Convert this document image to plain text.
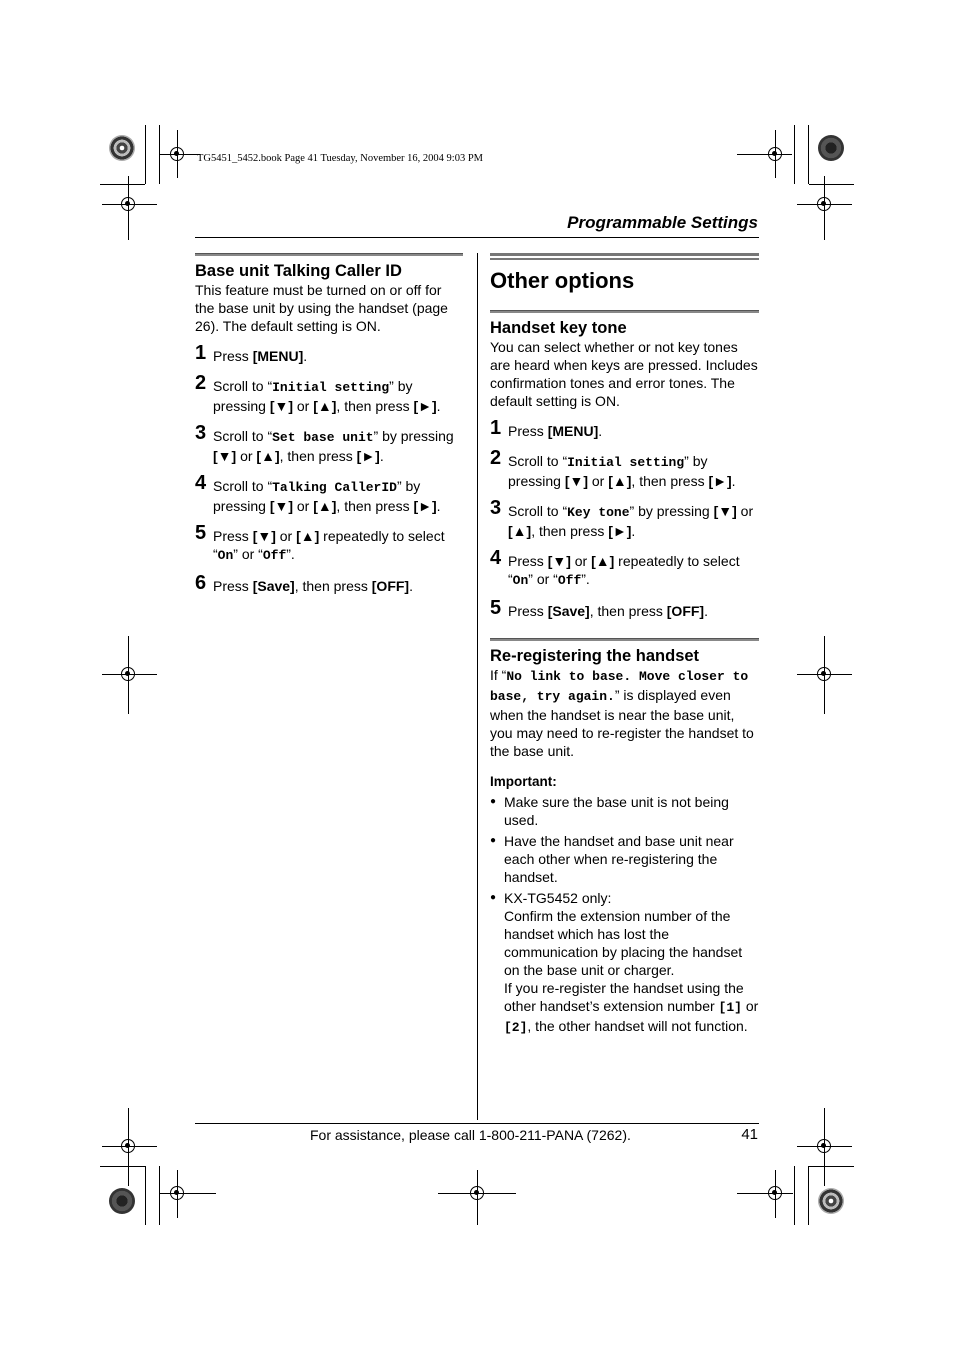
TG5451_5452.book Page 41 Tuesday, November 16, 2004 9:03 PM
Programmable Settings
Base unit Talking Caller ID
This feature must be turned on or off for the base unit by using the handset (page 26). The default setting is ON.
1 Press [MENU].
2 Scroll to “Initial setting” by pressing [▼] or [▲], then press [►].
3 Scroll to “Set base unit” by pressing [▼] or [▲], then press [►].
4 Scroll to “Talking CallerID” by pressing [▼] or [▲], then press [►].
5 Press [▼] or [▲] repeatedly to select “On” or “Off”.
6 Press [Save], then press [OFF].
Other options
Handset key tone
You can select whether or not key tones are heard when keys are pressed. Includes confirmation tones and error tones. The default setting is ON.
1 Press [MENU].
2 Scroll to “Initial setting” by pressing [▼] or [▲], then press [►].
3 Scroll to “Key tone” by pressing [▼] or [▲], then press [►].
4 Press [▼] or [▲] repeatedly to select “On” or “Off”.
5 Press [Save], then press [OFF].
Re-registering the handset
If “No link to base. Move closer to base, try again.” is displayed even when the handset is near the base unit, you may need to re-register the handset to the base unit.
Important:
● Make sure the base unit is not being used.
● Have the handset and base unit near each other when re-registering the handset.
● KX-TG5452 only:
Confirm the extension number of the handset which has lost the communication by placing the handset on the base unit or charger.
If you re-register the handset using the other handset’s extension number [1] or [2], the other handset will not function.
For assistance, please call 1-800-211-PANA (7262).	41
